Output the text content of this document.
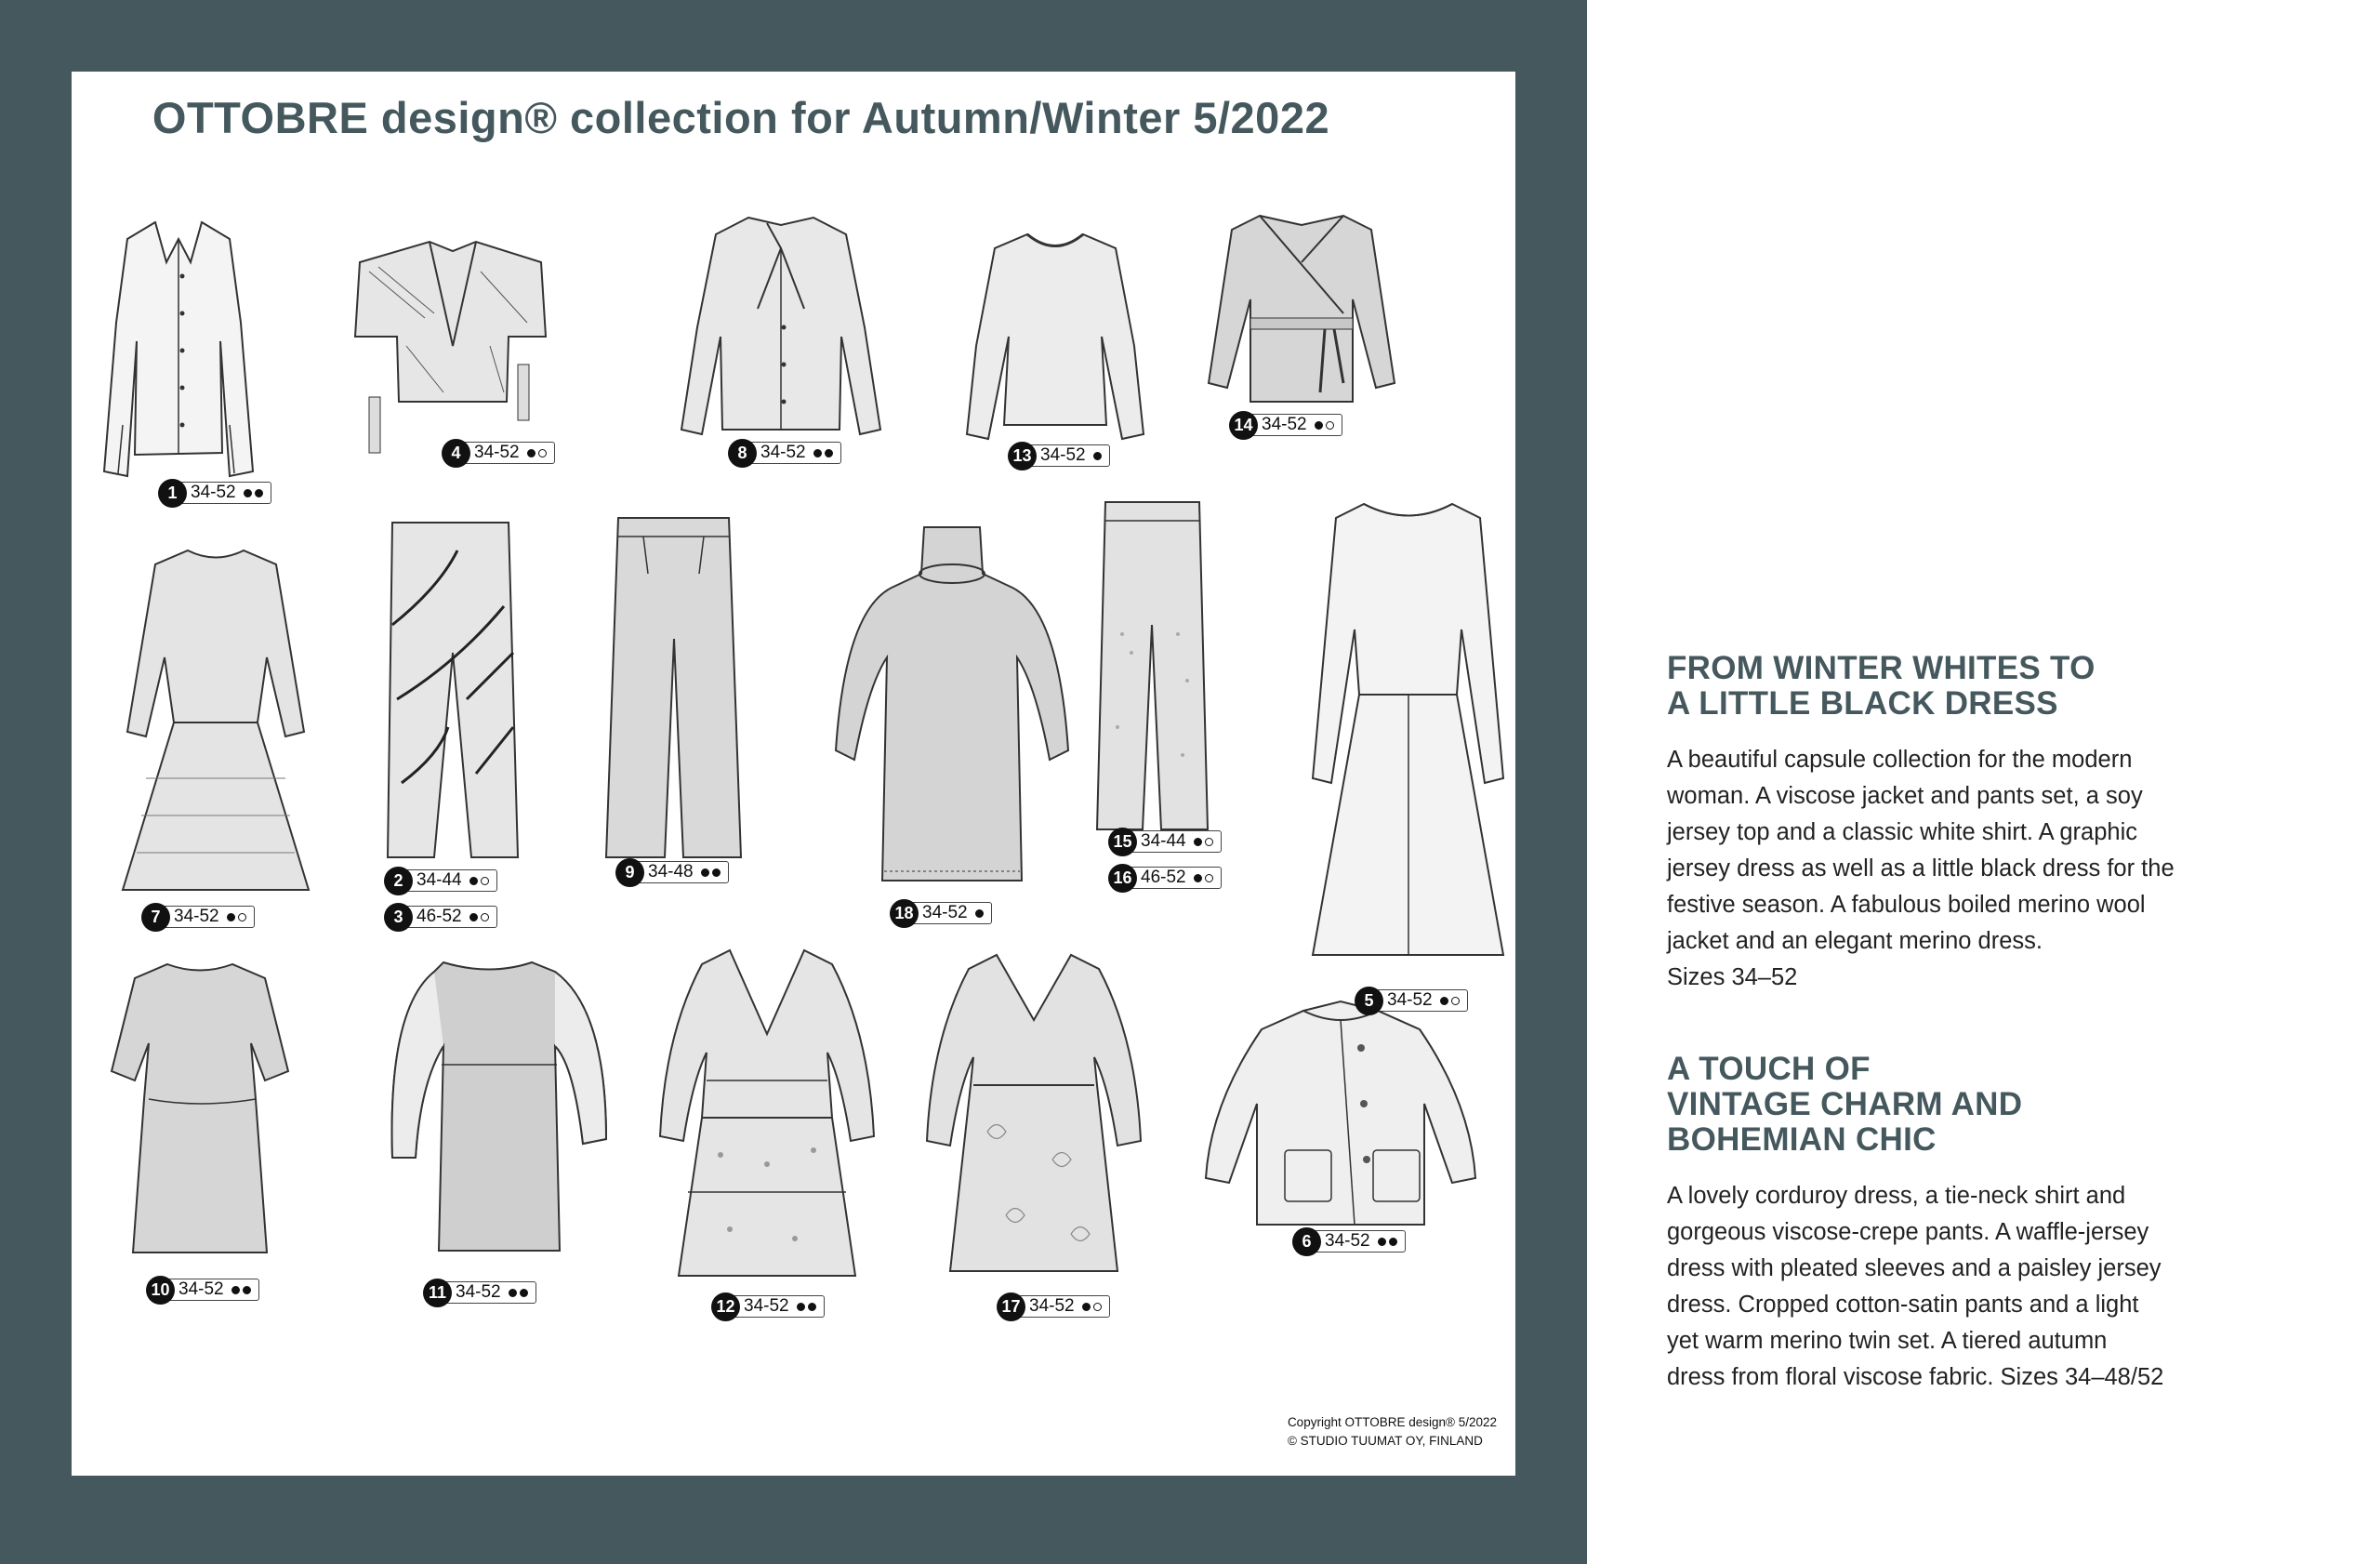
OTTOBRE design® collection for Autumn/Winter 5/2022
1 34-52
4 34-52	8 34-52	13 34-52
14 34-52
7 34-52
2 34-44
3 46-52
9 34-48
18 34-52
15 34-44
16 46-52
5 34-52
10 34-52	11 34-52
12 34-52	17 34-52
6 34-52
Copyright OTTOBRE design® 5/2022
© STUDIO TUUMAT OY, FINLAND
FROM WINTER WHITES TO
A LITTLE BLACK DRESS
A beautiful capsule collection for the modern
woman. A viscose jacket and pants set, a soy
jersey top and a classic white shirt. A graphic
jersey dress as well as a little black dress for the
festive season. A fabulous boiled merino wool
jacket and an elegant merino dress.
Sizes 34–52
A TOUCH OF
VINTAGE CHARM AND
BOHEMIAN CHIC
A lovely corduroy dress, a tie-neck shirt and
gorgeous viscose-crepe pants. A waffle-jersey
dress with pleated sleeves and a paisley jersey
dress. Cropped cotton-satin pants and a light
yet warm merino twin set. A tiered autumn
dress from floral viscose fabric. Sizes 34–48/52
